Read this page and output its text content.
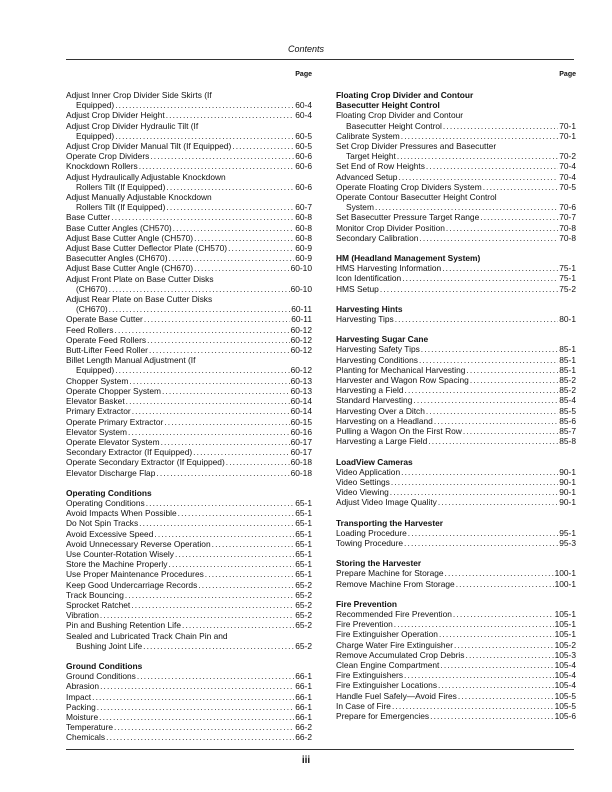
Contents
Page
Adjust Inner Crop Divider Side Skirts (If
Equipped) . . .	60-4
Adjust Crop Divider Height . . .	60-4
Adjust Crop Divider Hydraulic Tilt (If
Equipped) . . .	60-5
Adjust Crop Divider Manual Tilt (If Equipped) . . .	60-5
Operate Crop Dividers . . .	60-6
Knockdown Rollers . . .	60-6
Adjust Hydraulically Adjustable Knockdown
Rollers Tilt (If Equipped) . . .	60-6
Adjust Manually Adjustable Knockdown
Rollers Tilt (If Equipped) . . .	60-7
Base Cutter . . .	60-8
Base Cutter Angles (CH570) . . .	60-8
Adjust Base Cutter Angle (CH570) . . .	60-8
Adjust Base Cutter Deflector Plate (CH570) . . .	60-9
Basecutter Angles (CH670) . . .	60-9
Adjust Base Cutter Angle (CH670) . . .	60-10
Adjust Front Plate on Base Cutter Disks
(CH670) . . .	60-10
Adjust Rear Plate on Base Cutter Disks
(CH670) . . .	60-11
Operate Base Cutter . . .	60-11
Feed Rollers . . .	60-12
Operate Feed Rollers . . .	60-12
Butt-Lifter Feed Roller . . .	60-12
Billet Length Manual Adjustment (If
Equipped) . . .	60-12
Chopper System . . .	60-13
Operate Chopper System . . .	60-13
Elevator Basket . . .	60-14
Primary Extractor . . .	60-14
Operate Primary Extractor . . .	60-15
Elevator System . . .	60-16
Operate Elevator System . . .	60-17
Secondary Extractor (If Equipped) . . .	60-17
Operate Secondary Extractor (If Equipped) . . .	60-18
Elevator Discharge Flap . . .	60-18
Operating Conditions
Operating Conditions . . .	65-1
Avoid Impacts When Possible . . .	65-1
Do Not Spin Tracks . . .	65-1
Avoid Excessive Speed . . .	65-1
Avoid Unnecessary Reverse Operation . . .	65-1
Use Counter-Rotation Wisely . . .	65-1
Store the Machine Properly . . .	65-1
Use Proper Maintenance Procedures . . .	65-1
Keep Good Undercarriage Records . . .	65-2
Track Bouncing . . .	65-2
Sprocket Ratchet . . .	65-2
Vibration . . .	65-2
Pin and Bushing Retention Life . . .	65-2
Sealed and Lubricated Track Chain Pin and
Bushing Joint Life . . .	65-2
Ground Conditions
Ground Conditions . . .	66-1
Abrasion . . .	66-1
Impact . . .	66-1
Packing . . .	66-1
Moisture . . .	66-1
Temperature . . .	66-2
Chemicals . . .	66-2
Page
Floating Crop Divider and Contour
Basecutter Height Control
Floating Crop Divider and Contour
Basecutter Height Control . . .	70-1
Calibrate System . . .	70-1
Set Crop Divider Pressures and Basecutter
Target Height . . .	70-2
Set End of Row Heights . . .	70-4
Advanced Setup . . .	70-4
Operate Floating Crop Dividers System . . .	70-5
Operate Contour Basecutter Height Control
System . . .	70-6
Set Basecutter Pressure Target Range . . .	70-7
Monitor Crop Divider Position . . .	70-8
Secondary Calibration . . .	70-8
HM (Headland Management System)
HMS Harvesting Information . . .	75-1
Icon Identification . . .	75-1
HMS Setup . . .	75-2
Harvesting Hints
Harvesting Tips . . .	80-1
Harvesting Sugar Cane
Harvesting Safety Tips . . .	85-1
Harvesting Conditions . . .	85-1
Planting for Mechanical Harvesting . . .	85-1
Harvester and Wagon Row Spacing . . .	85-2
Harvesting a Field . . .	85-2
Standard Harvesting . . .	85-4
Harvesting Over a Ditch . . .	85-5
Harvesting on a Headland . . .	85-6
Pulling a Wagon On the First Row . . .	85-7
Harvesting a Large Field . . .	85-8
LoadView Cameras
Video Application . . .	90-1
Video Settings . . .	90-1
Video Viewing . . .	90-1
Adjust Video Image Quality . . .	90-1
Transporting the Harvester
Loading Procedure . . .	95-1
Towing Procedure . . .	95-3
Storing the Harvester
Prepare Machine for Storage . . .	100-1
Remove Machine From Storage . . .	100-1
Fire Prevention
Recommended Fire Prevention . . .	105-1
Fire Prevention . . .	105-1
Fire Extinguisher Operation . . .	105-1
Charge Water Fire Extinguisher . . .	105-2
Remove Accumulated Crop Debris . . .	105-3
Clean Engine Compartment . . .	105-4
Fire Extinguishers . . .	105-4
Fire Extinguisher Locations . . .	105-4
Handle Fuel Safely—Avoid Fires . . .	105-5
In Case of Fire . . .	105-5
Prepare for Emergencies . . .	105-6
iii
